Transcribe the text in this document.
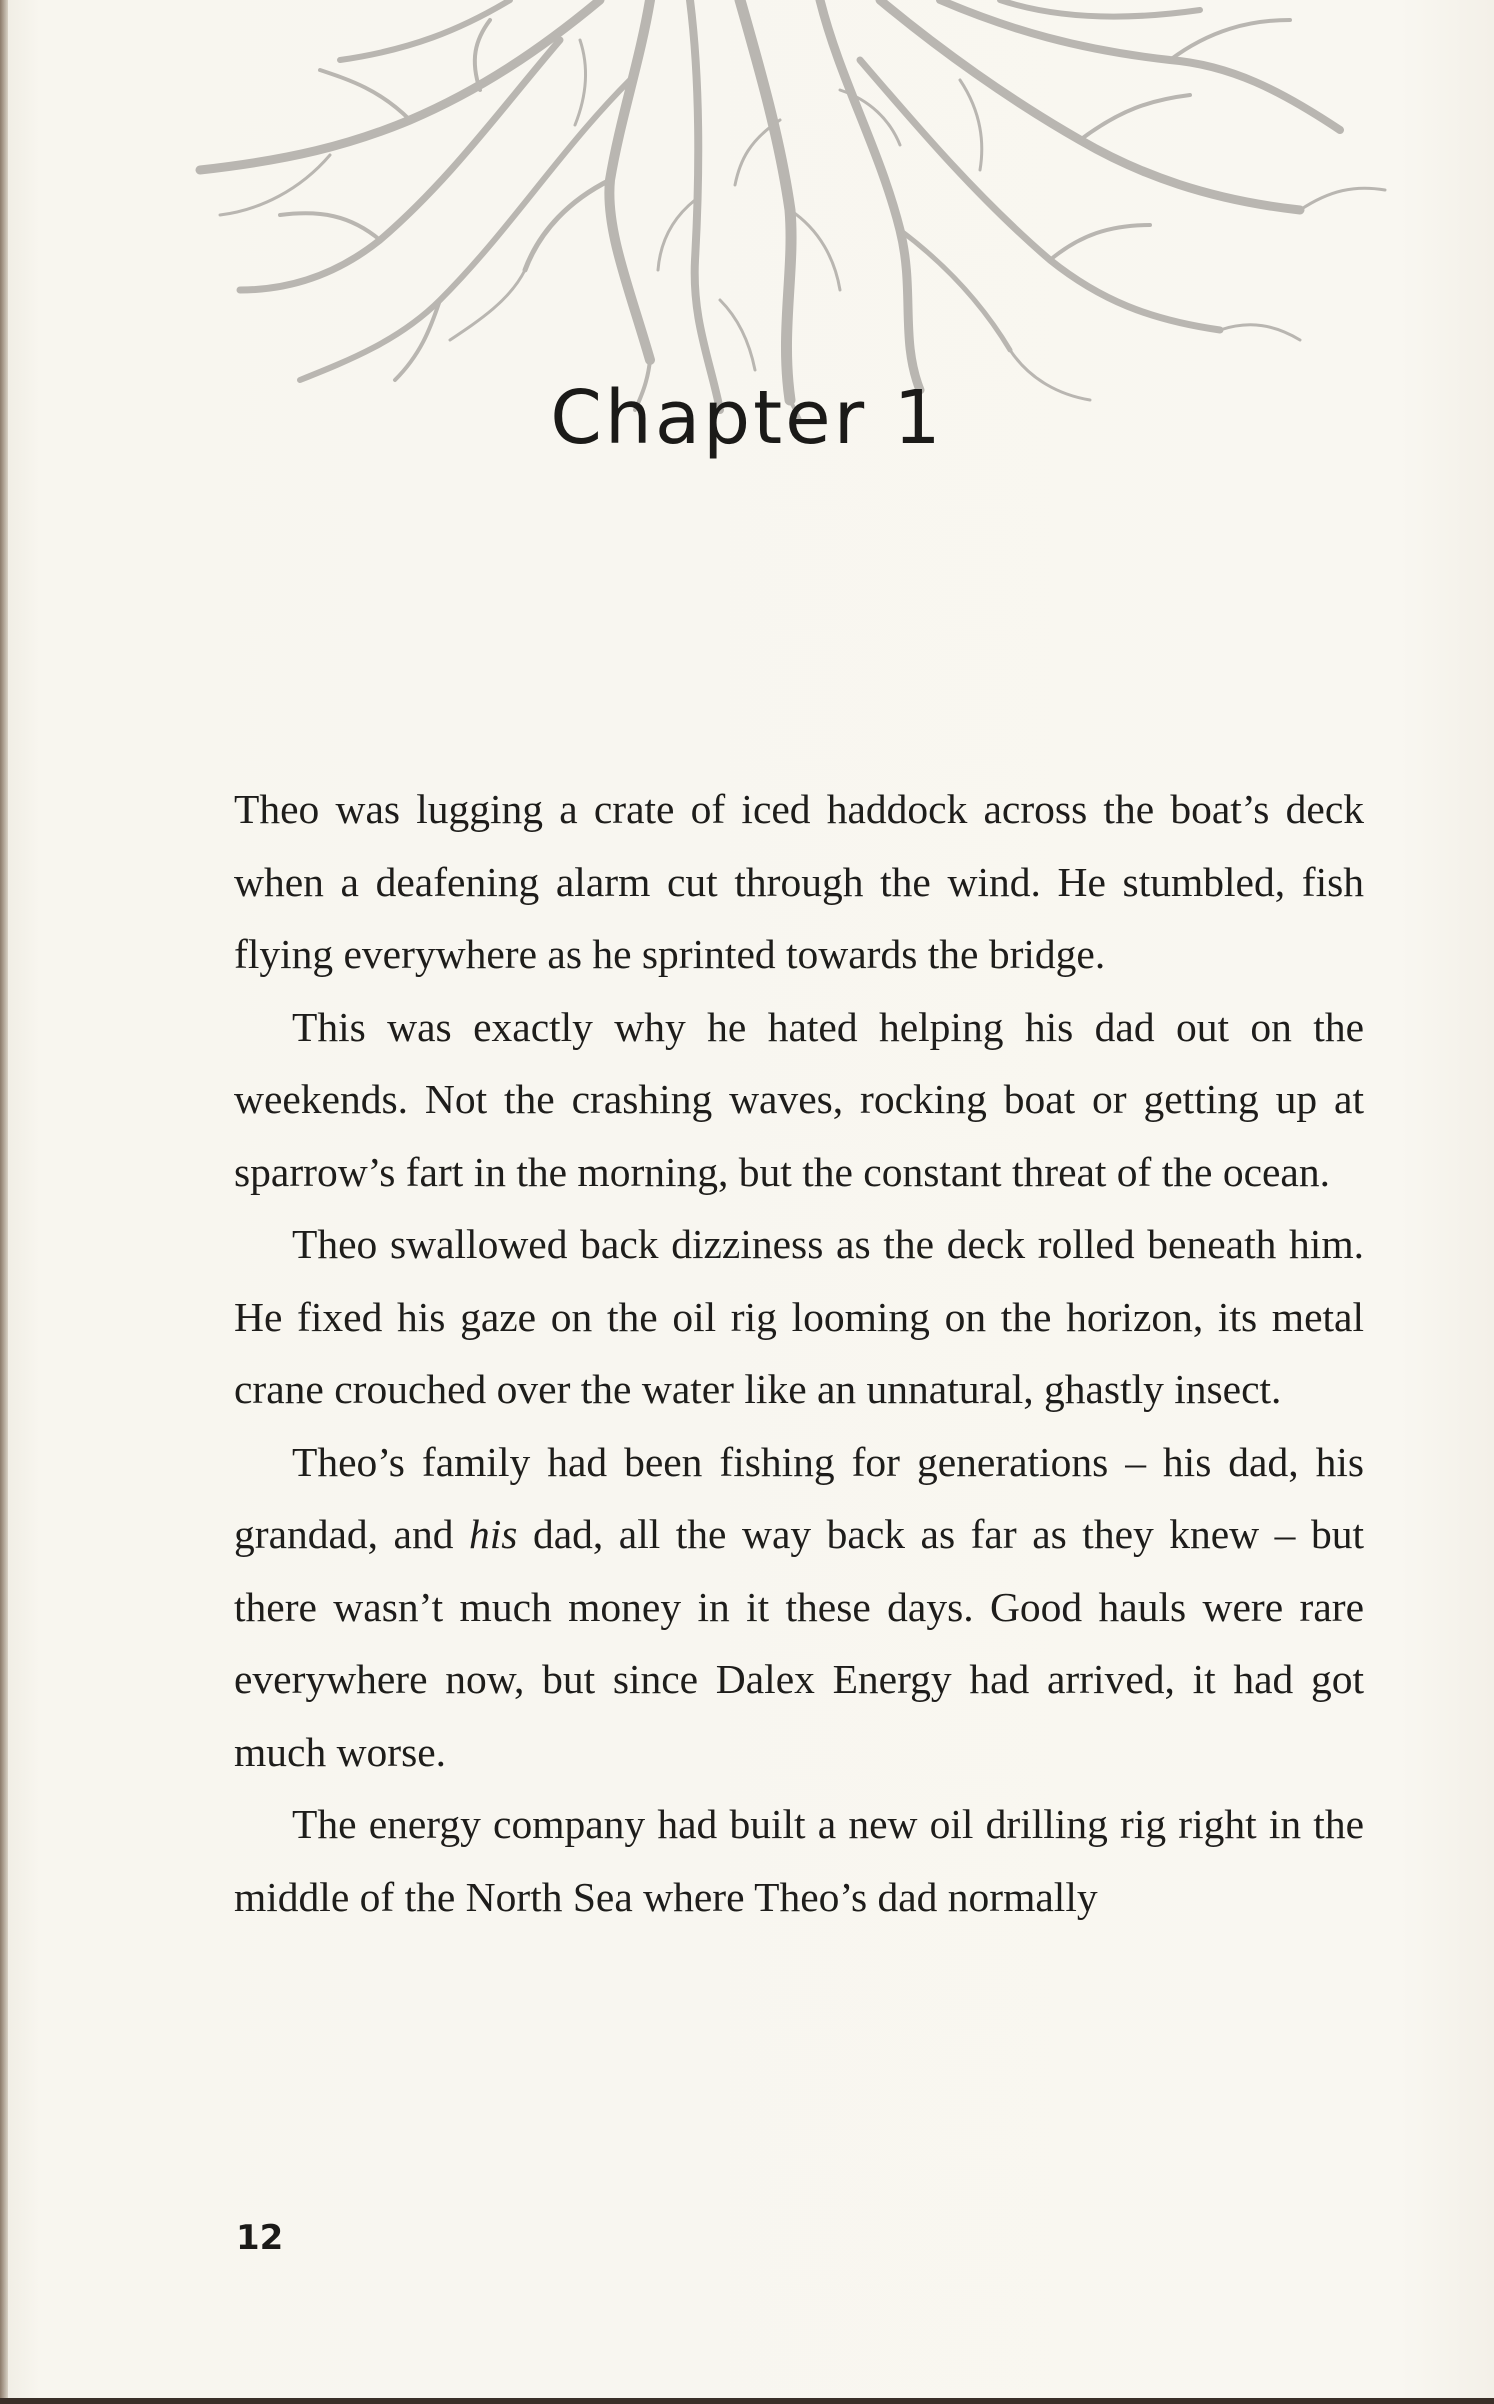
Chapter 1

Theo was lugging a crate of iced haddock across the boat’s deck when a deafening alarm cut through the wind. He stumbled, fish flying everywhere as he sprinted towards the bridge.

This was exactly why he hated helping his dad out on the weekends. Not the crashing waves, rocking boat or getting up at sparrow’s fart in the morning, but the constant threat of the ocean.

Theo swallowed back dizziness as the deck rolled beneath him. He fixed his gaze on the oil rig looming on the horizon, its metal crane crouched over the water like an unnatural, ghastly insect.

Theo’s family had been fishing for generations – his dad, his grandad, and his dad, all the way back as far as they knew – but there wasn’t much money in it these days. Good hauls were rare everywhere now, but since Dalex Energy had arrived, it had got much worse.

The energy company had built a new oil drilling rig right in the middle of the North Sea where Theo’s dad normally

12
